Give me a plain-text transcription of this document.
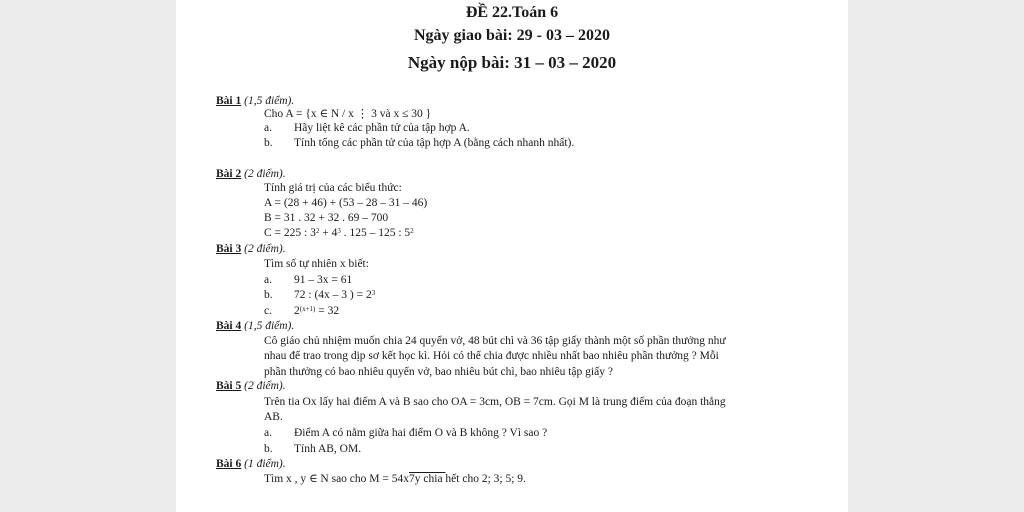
ĐỀ 22.Toán 6
Ngày giao bài: 29 - 03 – 2020
Ngày nộp bài: 31 – 03 – 2020
Bài 1 (1,5 điểm).
Cho A = {x ∈ N / x ⋮ 3 và x ≤ 30 }
a. Hãy liệt kê các phần tử của tập hợp A.
b. Tính tổng các phần tử của tập hợp A (bằng cách nhanh nhất).
Bài 2 (2 điểm).
Tính giá trị của các biểu thức:
A = (28 + 46) + (53 – 28 – 31 – 46)
B = 31 . 32 + 32 . 69 – 700
C = 225 : $3^2 + 4^3$ . 125 – 125 : $5^2$
Bài 3 (2 điểm).
Tìm số tự nhiên x biết:
a. 91 – 3x = 61
b. 72 : (4x – 3 ) = $2^3$
c. $2^{(x+1)} = 32$
Bài 4 (1,5 điểm).
Cô giáo chủ nhiệm muốn chia 24 quyển vở, 48 bút chì và 36 tập giấy thành một số phần thưởng như
nhau để trao trong dịp sơ kết học kì. Hỏi có thể chia được nhiều nhất bao nhiêu phần thưởng ? Mỗi
phần thưởng có bao nhiêu quyển vở, bao nhiêu bút chì, bao nhiêu tập giấy ?
Bài 5 (2 điểm).
Trên tia Ox lấy hai điểm A và B sao cho OA = 3cm, OB = 7cm. Gọi M là trung điểm của đoạn thẳng
AB.
a. Điểm A có nằm giữa hai điểm O và B không ? Vì sao ?
b. Tính AB, OM.
Bài 6 (1 điểm).
Tìm x , y ∈ N sao cho M = 54x7y chia hết cho 2; 3; 5; 9.
